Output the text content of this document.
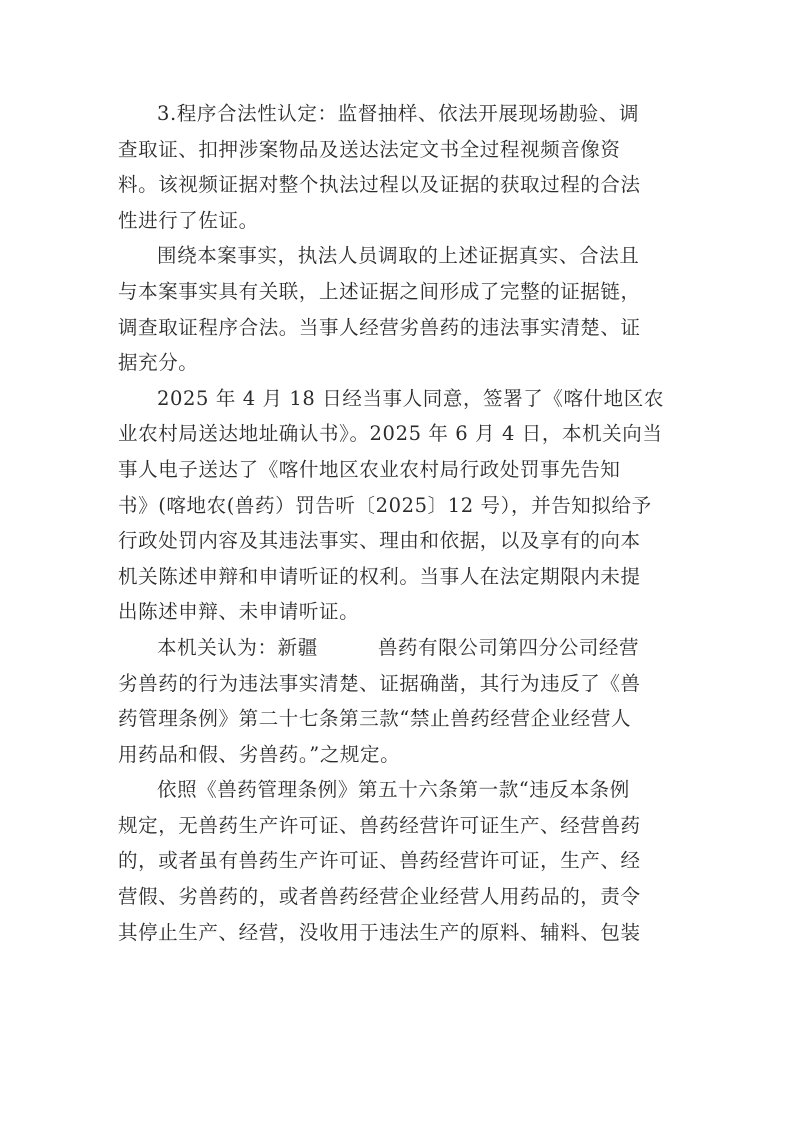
3.程序合法性认定：监督抽样、依法开展现场勘验、调
查取证、扣押涉案物品及送达法定文书全过程视频音像资
料。该视频证据对整个执法过程以及证据的获取过程的合法
性进行了佐证。

围绕本案事实，执法人员调取的上述证据真实、合法且
与本案事实具有关联，上述证据之间形成了完整的证据链，
调查取证程序合法。当事人经营劣兽药的违法事实清楚、证
据充分。

2025 年 4 月 18 日经当事人同意，签署了《喀什地区农
业农村局送达地址确认书》。2025 年 6 月 4 日，本机关向当
事人电子送达了《喀什地区农业农村局行政处罚事先告知
书》(喀地农(兽药）罚告听〔2025〕12 号），并告知拟给予
行政处罚内容及其违法事实、理由和依据，以及享有的向本
机关陈述申辩和申请听证的权利。当事人在法定期限内未提
出陈述申辩、未申请听证。

本机关认为：新疆	兽药有限公司第四分公司经营
劣兽药的行为违法事实清楚、证据确凿，其行为违反了《兽
药管理条例》第二十七条第三款“禁止兽药经营企业经营人
用药品和假、劣兽药。”之规定。

依照《兽药管理条例》第五十六条第一款“违反本条例
规定，无兽药生产许可证、兽药经营许可证生产、经营兽药
的，或者虽有兽药生产许可证、兽药经营许可证，生产、经
营假、劣兽药的，或者兽药经营企业经营人用药品的，责令
其停止生产、经营，没收用于违法生产的原料、辅料、包装
